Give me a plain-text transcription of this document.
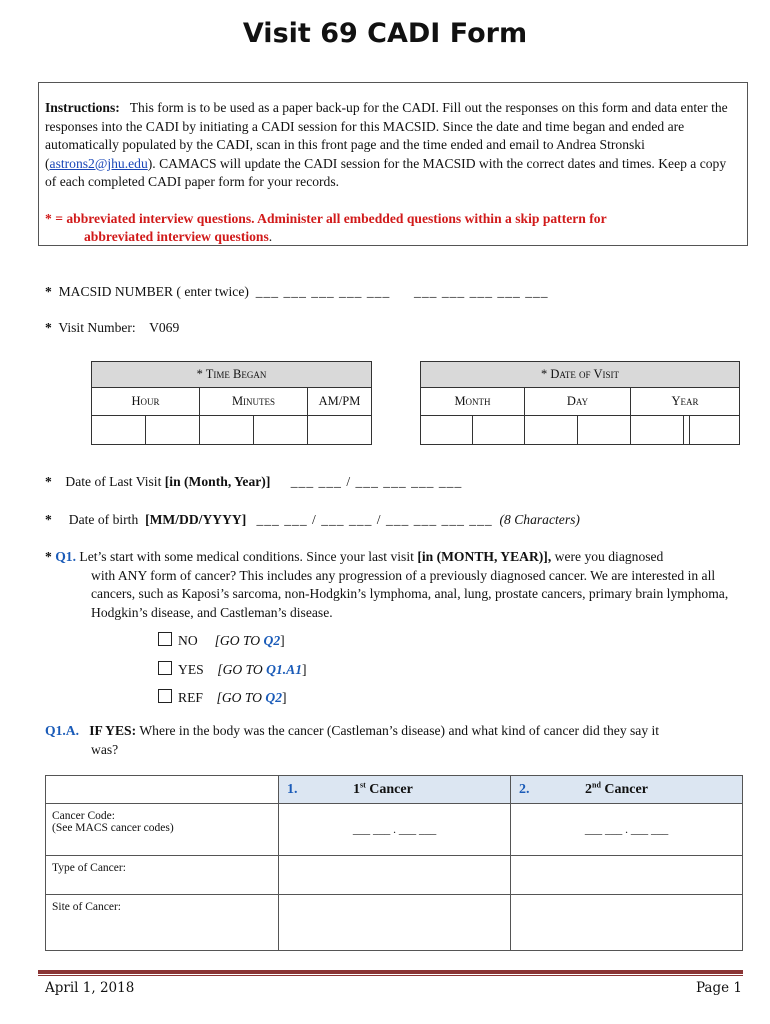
Visit 69 CADI Form
Instructions: This form is to be used as a paper back-up for the CADI. Fill out the responses on this form and data enter the responses into the CADI by initiating a CADI session for this MACSID. Since the date and time began and ended are automatically populated by the CADI, scan in this front page and the time ended and email to Andrea Stronski (astrons2@jhu.edu). CAMACS will update the CADI session for the MACSID with the correct dates and times. Keep a copy of each completed CADI paper form for your records.
* = abbreviated interview questions. Administer all embedded questions within a skip pattern for
abbreviated interview questions.
* MACSID NUMBER ( enter twice) ___ ___ ___ ___ ___ ___ ___ ___ ___ ___
* Visit Number: V069
* Time Began				
Hour		Minutes		AM/PM

* Date of Visit						
Month		Day		Year		

* Date of Last Visit [in (Month, Year)] ___ ___ / ___ ___ ___ ___
* Date of birth [MM/DD/YYYY] ___ ___ / ___ ___ / ___ ___ ___ ___ (8 Characters)
* Q1. Let’s start with some medical conditions. Since your last visit [in (MONTH, YEAR)], were you diagnosed
with ANY form of cancer? This includes any progression of a previously diagnosed cancer. We are interested in all cancers, such as Kaposi’s sarcoma, non-Hodgkin’s lymphoma, anal, lung, prostate cancers, primary brain lymphoma, Hodgkin’s disease, and Castleman’s disease.
NO [GO TO Q2]
YES [GO TO Q1.A1]
REF [GO TO Q2]
Q1.A. IF YES: Where in the body was the cancer (Castleman’s disease) and what kind of cancer did they say it
was?
	1. 1st Cancer	2. 2nd Cancer

Cancer Code:
(See MACS cancer codes)	___ ___ . ___ ___	___ ___ . ___ ___
Type of Cancer:		
Site of Cancer:		
April 1, 2018	Page 1
